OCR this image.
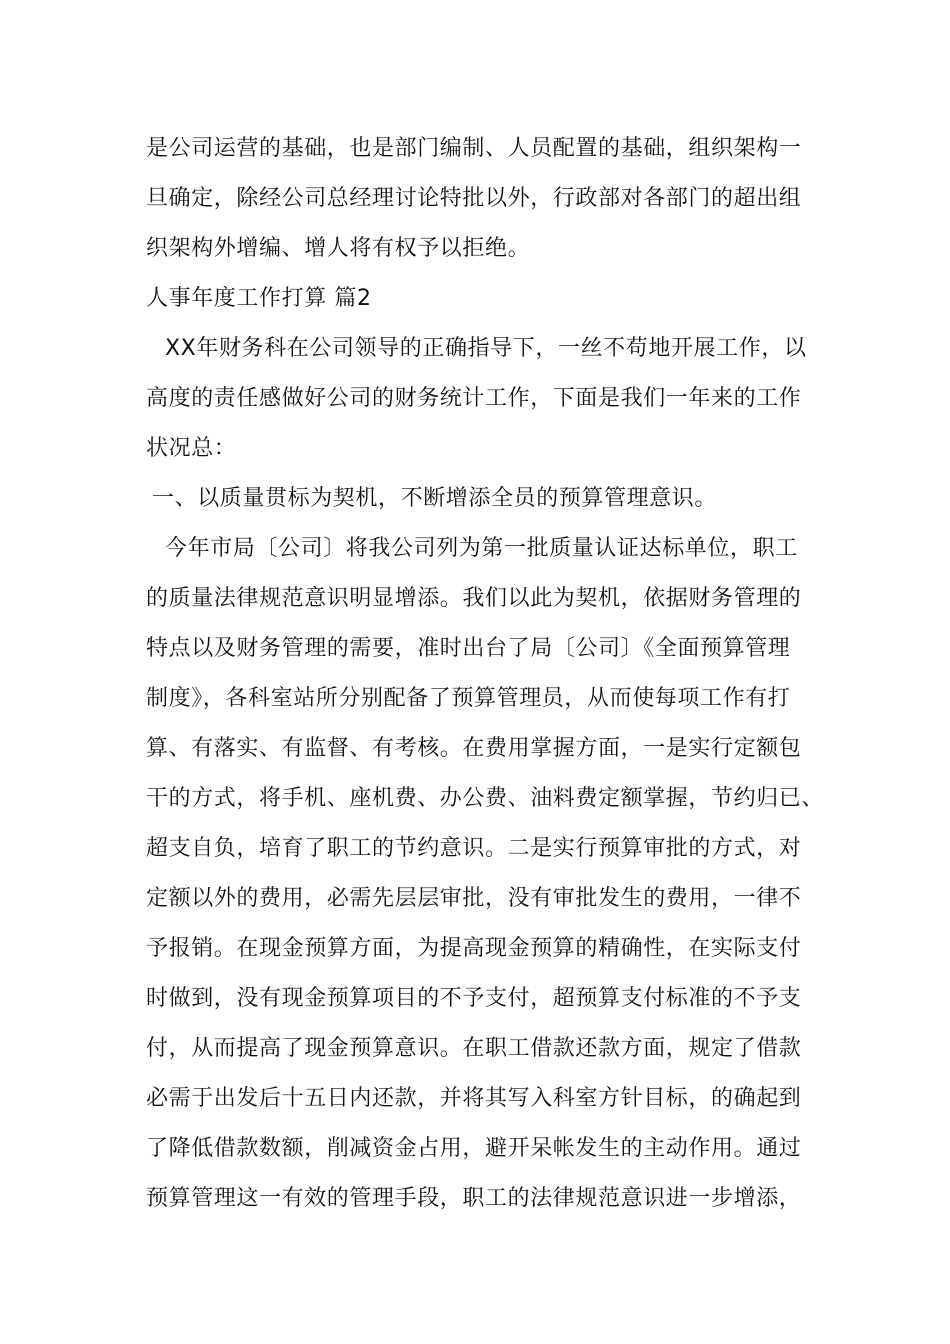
是公司运营的基础，也是部门编制、人员配置的基础，组织架构一
旦确定，除经公司总经理讨论特批以外，行政部对各部门的超出组
织架构外增编、增人将有权予以拒绝。
人事年度工作打算 篇2
XX年财务科在公司领导的正确指导下，一丝不苟地开展工作，以
高度的责任感做好公司的财务统计工作，下面是我们一年来的工作
状况总：
一、以质量贯标为契机，不断增添全员的预算管理意识。
今年市局〔公司〕将我公司列为第一批质量认证达标单位，职工
的质量法律规范意识明显增添。我们以此为契机，依据财务管理的
特点以及财务管理的需要，准时出台了局〔公司〕《全面预算管理
制度》，各科室站所分别配备了预算管理员，从而使每项工作有打
算、有落实、有监督、有考核。在费用掌握方面，一是实行定额包
干的方式，将手机、座机费、办公费、油料费定额掌握，节约归已、
超支自负，培育了职工的节约意识。二是实行预算审批的方式，对
定额以外的费用，必需先层层审批，没有审批发生的费用，一律不
予报销。在现金预算方面，为提高现金预算的精确性，在实际支付
时做到，没有现金预算项目的不予支付，超预算支付标准的不予支
付，从而提高了现金预算意识。在职工借款还款方面，规定了借款
必需于出发后十五日内还款，并将其写入科室方针目标，的确起到
了降低借款数额，削减资金占用，避开呆帐发生的主动作用。通过
预算管理这一有效的管理手段，职工的法律规范意识进一步增添，
